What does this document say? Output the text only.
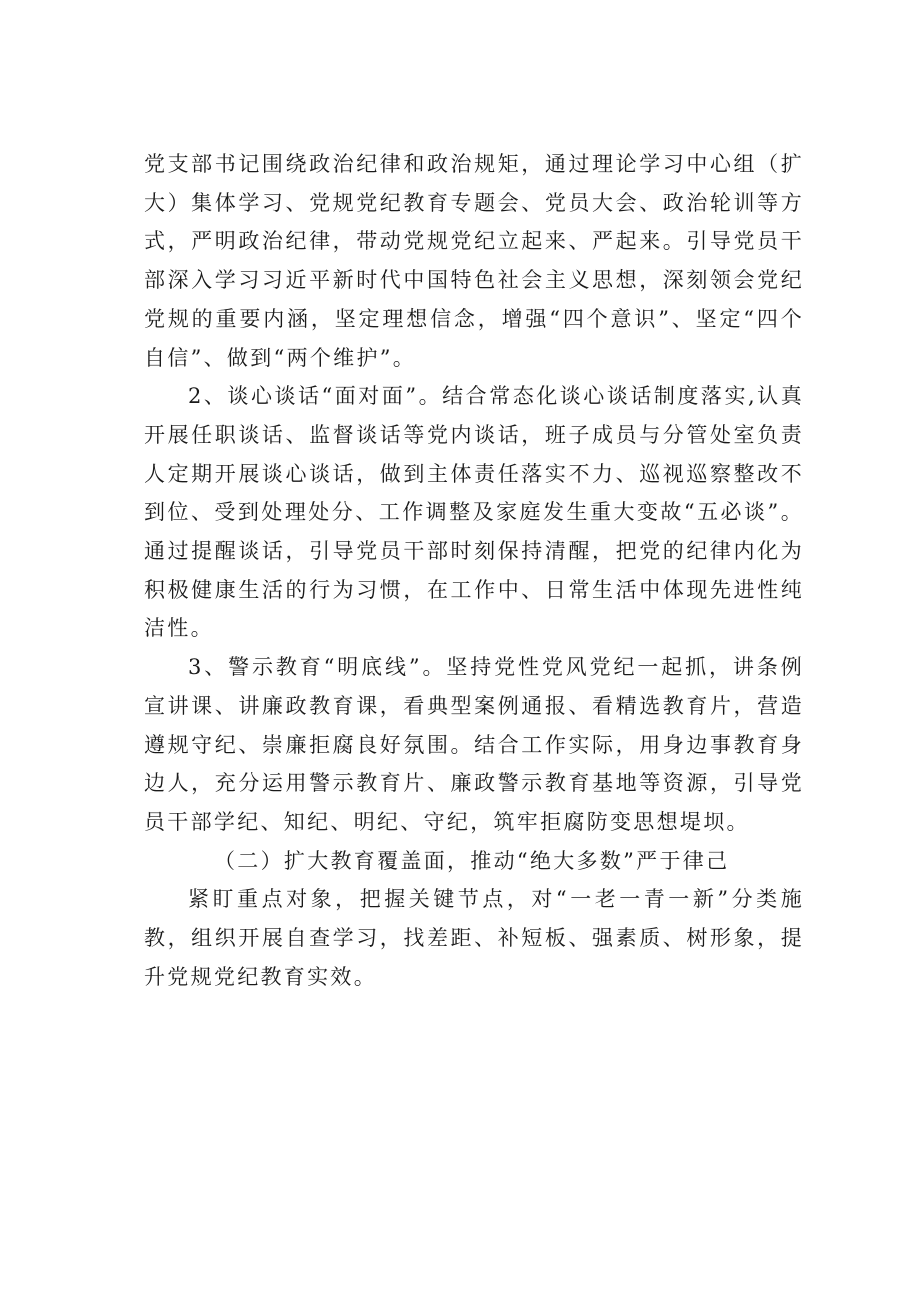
党支部书记围绕政治纪律和政治规矩，通过理论学习中心组（扩大）集体学习、党规党纪教育专题会、党员大会、政治轮训等方式，严明政治纪律，带动党规党纪立起来、严起来。引导党员干部深入学习习近平新时代中国特色社会主义思想，深刻领会党纪党规的重要内涵，坚定理想信念，增强“四个意识”、坚定“四个自信”、做到“两个维护”。

2、谈心谈话“面对面”。结合常态化谈心谈话制度落实,认真开展任职谈话、监督谈话等党内谈话，班子成员与分管处室负责人定期开展谈心谈话，做到主体责任落实不力、巡视巡察整改不到位、受到处理处分、工作调整及家庭发生重大变故“五必谈”。通过提醒谈话，引导党员干部时刻保持清醒，把党的纪律内化为积极健康生活的行为习惯，在工作中、日常生活中体现先进性纯洁性。

3、警示教育“明底线”。坚持党性党风党纪一起抓，讲条例宣讲课、讲廉政教育课，看典型案例通报、看精选教育片，营造遵规守纪、崇廉拒腐良好氛围。结合工作实际，用身边事教育身边人，充分运用警示教育片、廉政警示教育基地等资源，引导党员干部学纪、知纪、明纪、守纪，筑牢拒腐防变思想堤坝。

（二）扩大教育覆盖面，推动“绝大多数”严于律己

紧盯重点对象，把握关键节点，对“一老一青一新”分类施教，组织开展自查学习，找差距、补短板、强素质、树形象，提升党规党纪教育实效。
